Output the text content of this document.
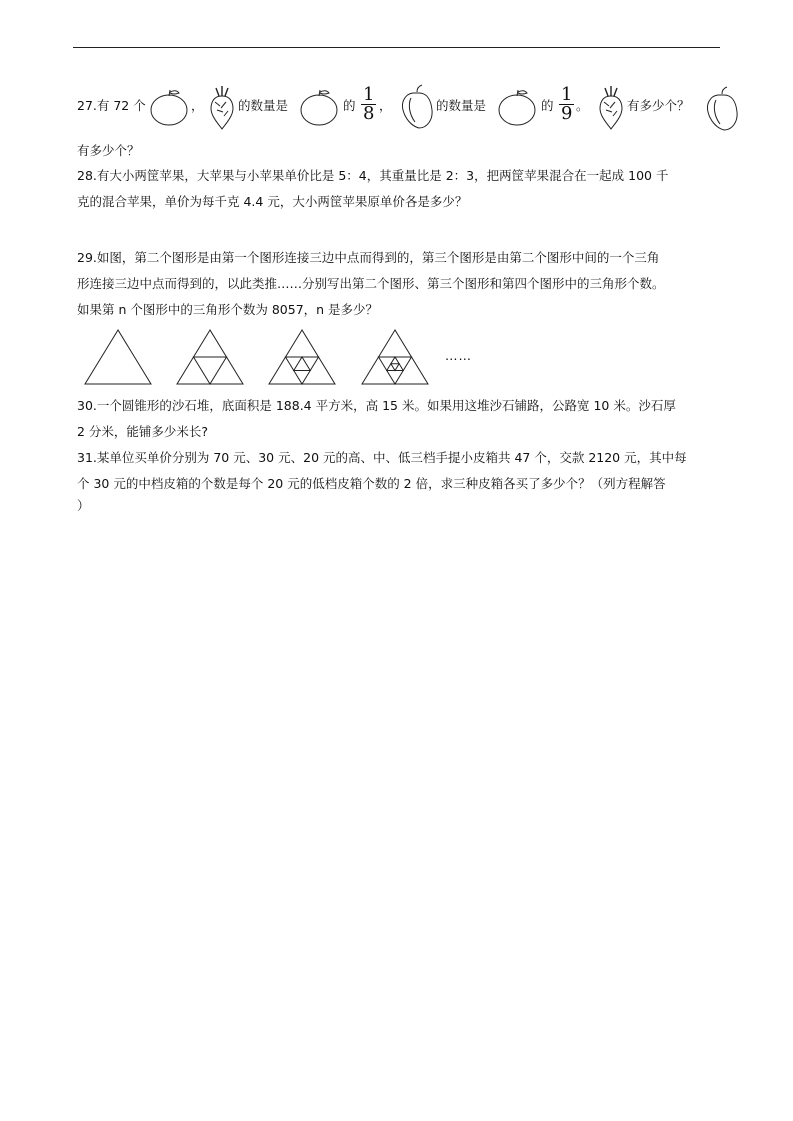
27.有 72 个	，	的数量是	的 $\frac{1}{8}$ ，	的数量是	的 $\frac{1}{9}$ 。	有多少个？
有多少个？
28.有大小两筐苹果，大苹果与小苹果单价比是 5：4，其重量比是 2：3，把两筐苹果混合在一起成 100 千
克的混合苹果，单价为每千克 4.4 元，大小两筐苹果原单价各是多少？
29.如图，第二个图形是由第一个图形连接三边中点而得到的，第三个图形是由第二个图形中间的一个三角
形连接三边中点而得到的，以此类推……分别写出第二个图形、第三个图形和第四个图形中的三角形个数。
如果第 n 个图形中的三角形个数为 8057，n 是多少？
……
30.一个圆锥形的沙石堆，底面积是 188.4 平方米，高 15 米。如果用这堆沙石铺路，公路宽 10 米。沙石厚
2 分米，能铺多少米长?
31.某单位买单价分别为 70 元、30 元、20 元的高、中、低三档手提小皮箱共 47 个，交款 2120 元，其中每
个 30 元的中档皮箱的个数是每个 20 元的低档皮箱个数的 2 倍，求三种皮箱各买了多少个？（列方程解答
）
